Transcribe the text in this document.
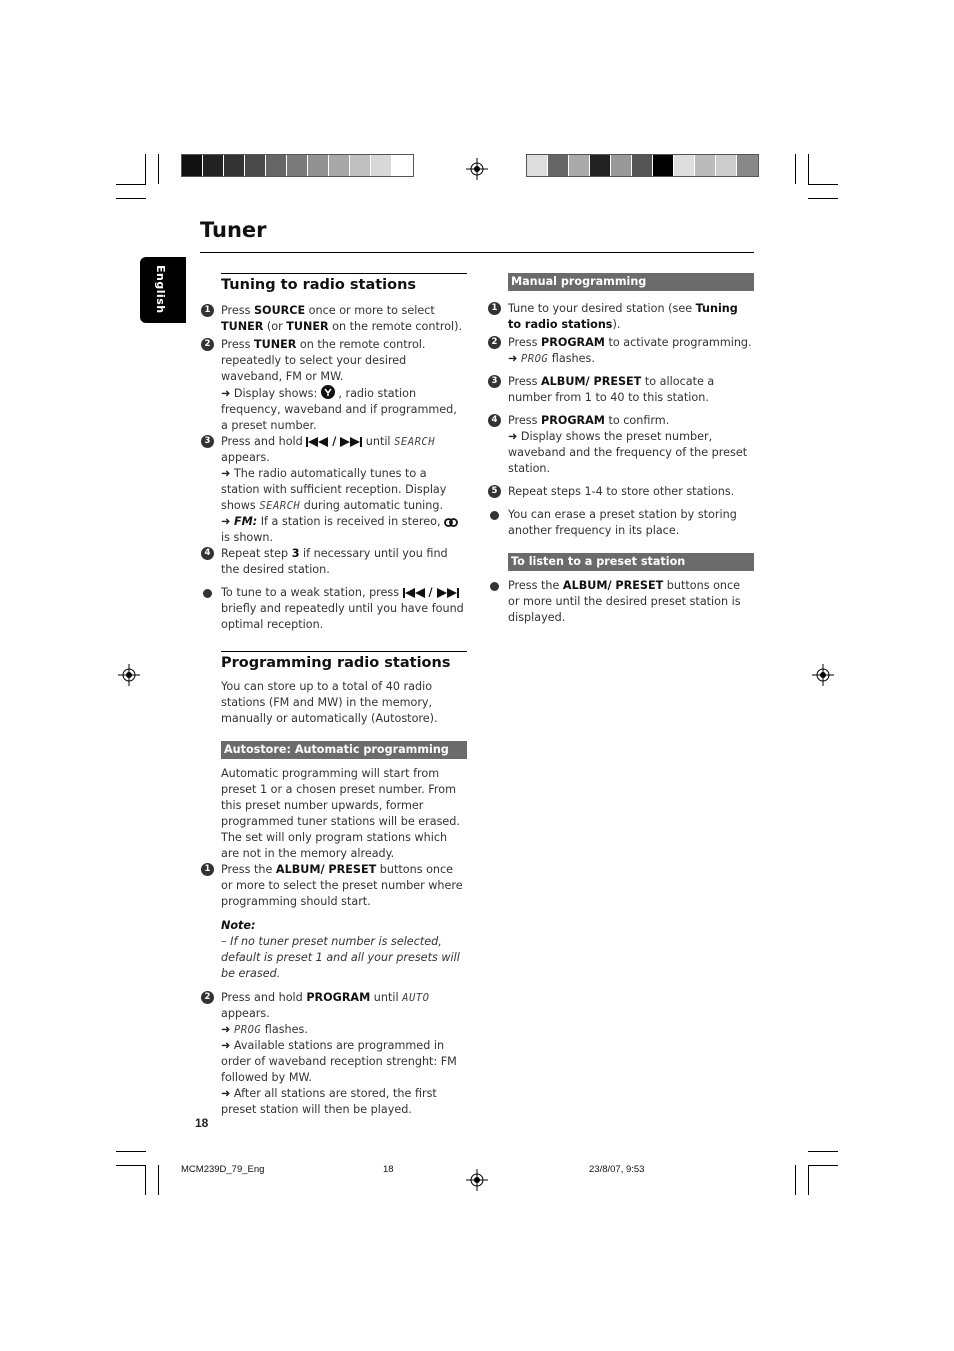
Tuner
English	Tuning to radio stations
1 Press SOURCE once or more to select TUNER (or TUNER on the remote control).

2 Press TUNER on the remote control. repeatedly to select your desired waveband, FM or MW.

➜ Display shows:  , radio station frequency, waveband and if programmed, a preset number.

3 Press and hold  /  until SEARCH appears.

➜ The radio automatically tunes to a station with sufficient reception. Display shows SEARCH during automatic tuning.

➜ FM: If a station is received in stereo,  is shown.

4 Repeat step 3 if necessary until you find the desired station.

To tune to a weak station, press  /  briefly and repeatedly until you have found optimal reception.

Programming radio stations

You can store up to a total of 40 radio stations (FM and MW) in the memory, manually or automatically (Autostore).

Autostore: Automatic programming

Automatic programming will start from preset 1 or a chosen preset number. From this preset number upwards, former programmed tuner stations will be erased. The set will only program stations which are not in the memory already.

1 Press the ALBUM/ PRESET buttons once or more to select the preset number where programming should start.

Note:

– If no tuner preset number is selected, default is preset 1 and all your presets will be erased.

2 Press and hold PROGRAM until AUTO appears.

➜ PROG flashes.

➜ Available stations are programmed in order of waveband reception strenght: FM followed by MW.

➜ After all stations are stored, the first preset station will then be played.

Manual programming
1 Tune to your desired station (see Tuning to radio stations).

2 Press PROGRAM to activate programming.

➜ PROG flashes.

3 Press ALBUM/ PRESET to allocate a number from 1 to 40 to this station.

4 Press PROGRAM to confirm.

➜ Display shows the preset number, waveband and the frequency of the preset station.

5 Repeat steps 1-4 to store other stations.

You can erase a preset station by storing another frequency in its place.

To listen to a preset station

Press the ALBUM/ PRESET buttons once or more until the desired preset station is displayed.

18
MCM239D_79_Eng	18	23/8/07, 9:53
